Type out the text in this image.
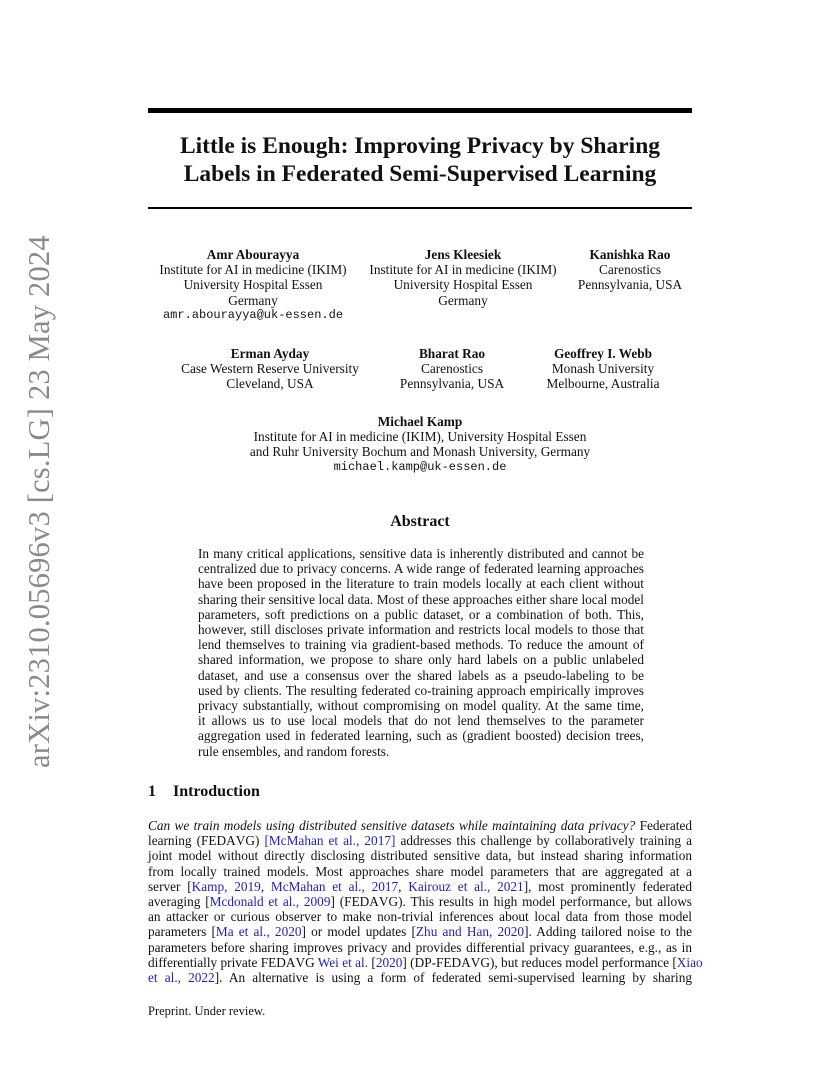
Little is Enough: Improving Privacy by Sharing
Labels in Federated Semi-Supervised Learning
arXiv:2310.05696v3 [cs.LG] 23 May 2024	Amr Abourayya
Institute for AI in medicine (IKIM)
University Hospital Essen
Germany
amr.abourayya@uk-essen.de
Jens Kleesiek
Institute for AI in medicine (IKIM)
University Hospital Essen
Germany
Kanishka Rao
Carenostics
Pennsylvania, USA
Erman Ayday
Case Western Reserve University
Cleveland, USA
Bharat Rao
Carenostics
Pennsylvania, USA
Geoffrey I. Webb
Monash University
Melbourne, Australia
Michael Kamp
Institute for AI in medicine (IKIM), University Hospital Essen
and Ruhr University Bochum and Monash University, Germany
michael.kamp@uk-essen.de
Abstract
In many critical applications, sensitive data is inherently distributed and cannot be
centralized due to privacy concerns. A wide range of federated learning approaches
have been proposed in the literature to train models locally at each client without
sharing their sensitive local data. Most of these approaches either share local model
parameters, soft predictions on a public dataset, or a combination of both. This,
however, still discloses private information and restricts local models to those that
lend themselves to training via gradient-based methods. To reduce the amount of
shared information, we propose to share only hard labels on a public unlabeled
dataset, and use a consensus over the shared labels as a pseudo-labeling to be
used by clients. The resulting federated co-training approach empirically improves
privacy substantially, without compromising on model quality. At the same time,
it allows us to use local models that do not lend themselves to the parameter
aggregation used in federated learning, such as (gradient boosted) decision trees,
rule ensembles, and random forests.
1 Introduction
Can we train models using distributed sensitive datasets while maintaining data privacy? Federated
learning (FEDAVG) [McMahan et al., 2017] addresses this challenge by collaboratively training a
joint model without directly disclosing distributed sensitive data, but instead sharing information
from locally trained models. Most approaches share model parameters that are aggregated at a
server [Kamp, 2019, McMahan et al., 2017, Kairouz et al., 2021], most prominently federated
averaging [Mcdonald et al., 2009] (FEDAVG). This results in high model performance, but allows
an attacker or curious observer to make non-trivial inferences about local data from those model
parameters [Ma et al., 2020] or model updates [Zhu and Han, 2020]. Adding tailored noise to the
parameters before sharing improves privacy and provides differential privacy guarantees, e.g., as in
differentially private FEDAVG Wei et al. [2020] (DP-FEDAVG), but reduces model performance [Xiao
et al., 2022]. An alternative is using a form of federated semi-supervised learning by sharing
Preprint. Under review.
